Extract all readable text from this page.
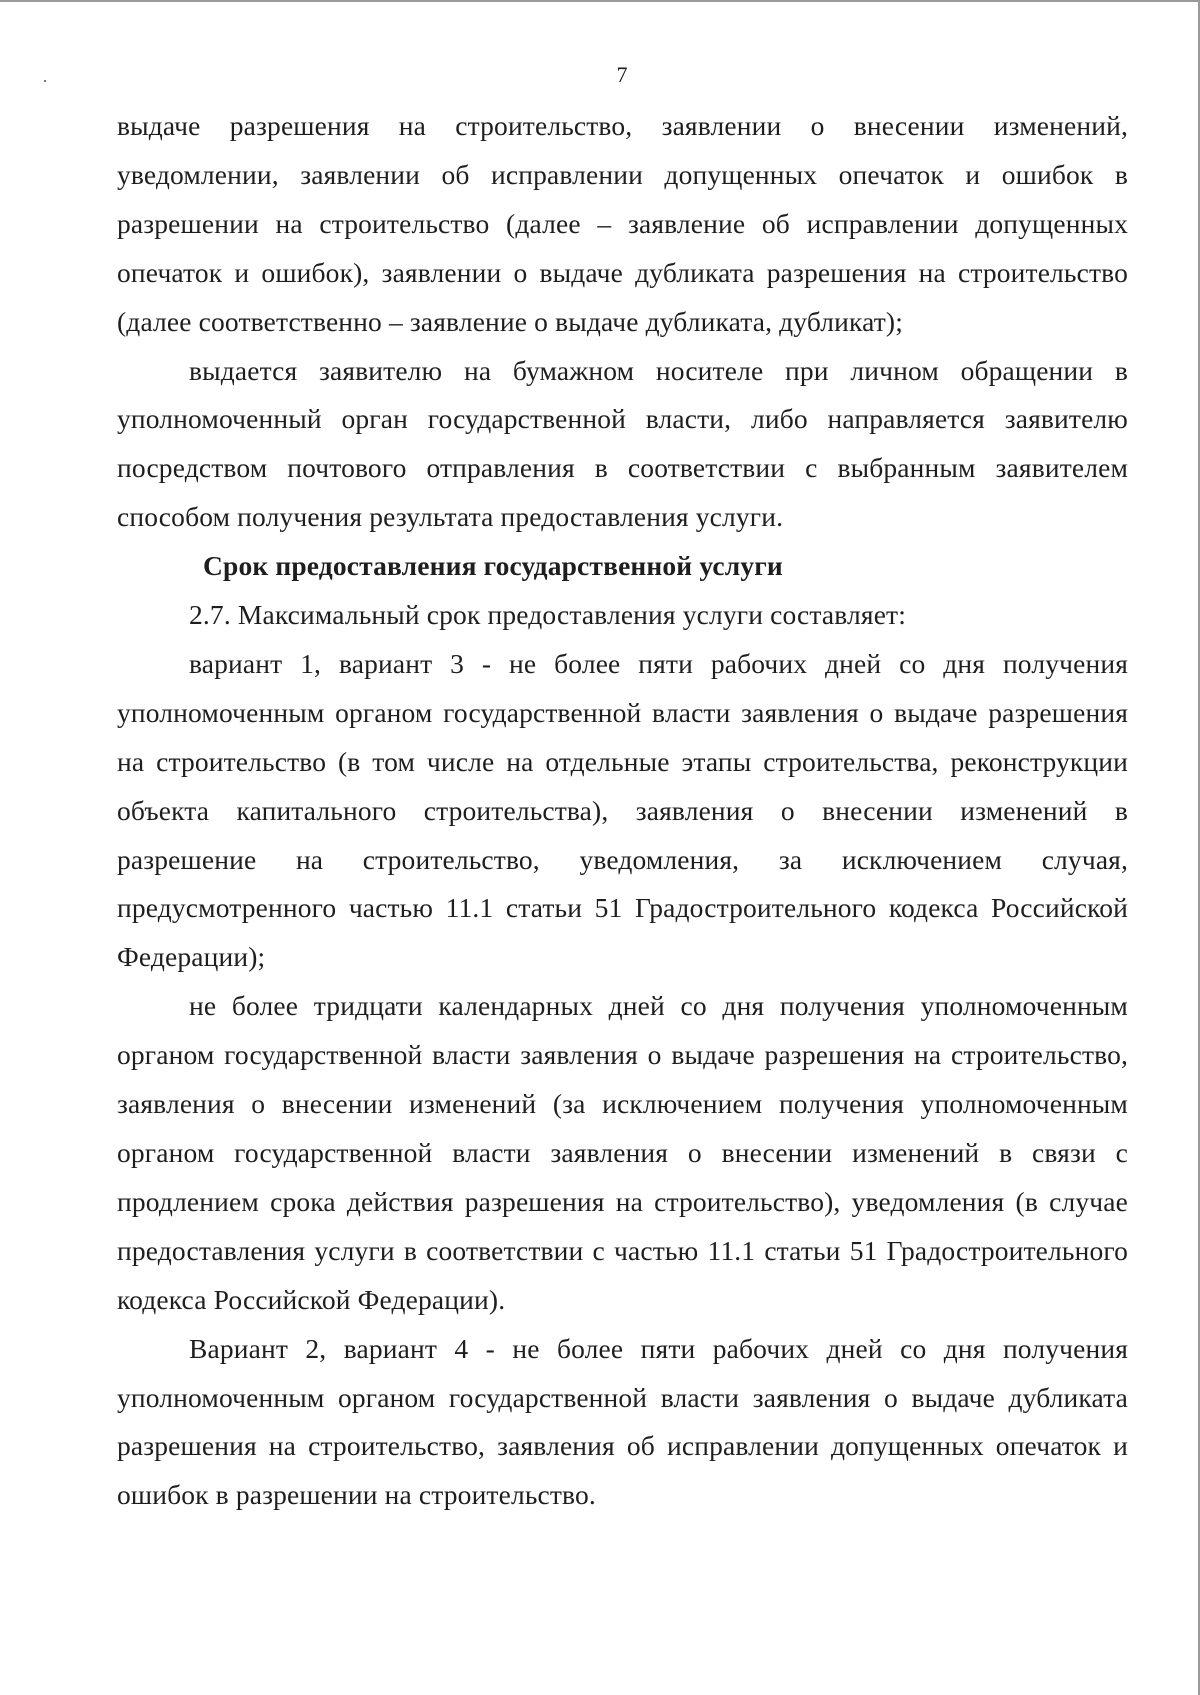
7

выдаче разрешения на строительство, заявлении о внесении изменений, уведомлении, заявлении об исправлении допущенных опечаток и ошибок в разрешении на строительство (далее – заявление об исправлении допущенных опечаток и ошибок), заявлении о выдаче дубликата разрешения на строительство (далее соответственно – заявление о выдаче дубликата, дубликат);

выдается заявителю на бумажном носителе при личном обращении в уполномоченный орган государственной власти, либо направляется заявителю посредством почтового отправления в соответствии с выбранным заявителем способом получения результата предоставления услуги.

Срок предоставления государственной услуги

2.7. Максимальный срок предоставления услуги составляет:

вариант 1, вариант 3 - не более пяти рабочих дней со дня получения уполномоченным органом государственной власти заявления о выдаче разрешения на строительство (в том числе на отдельные этапы строительства, реконструкции объекта капитального строительства), заявления о внесении изменений в разрешение на строительство, уведомления, за исключением случая, предусмотренного частью 11.1 статьи 51 Градостроительного кодекса Российской Федерации);

не более тридцати календарных дней со дня получения уполномоченным органом государственной власти заявления о выдаче разрешения на строительство, заявления о внесении изменений (за исключением получения уполномоченным органом государственной власти заявления о внесении изменений в связи с продлением срока действия разрешения на строительство), уведомления (в случае предоставления услуги в соответствии с частью 11.1 статьи 51 Градостроительного кодекса Российской Федерации).

Вариант 2, вариант 4 - не более пяти рабочих дней со дня получения уполномоченным органом государственной власти заявления о выдаче дубликата разрешения на строительство, заявления об исправлении допущенных опечаток и ошибок в разрешении на строительство.
